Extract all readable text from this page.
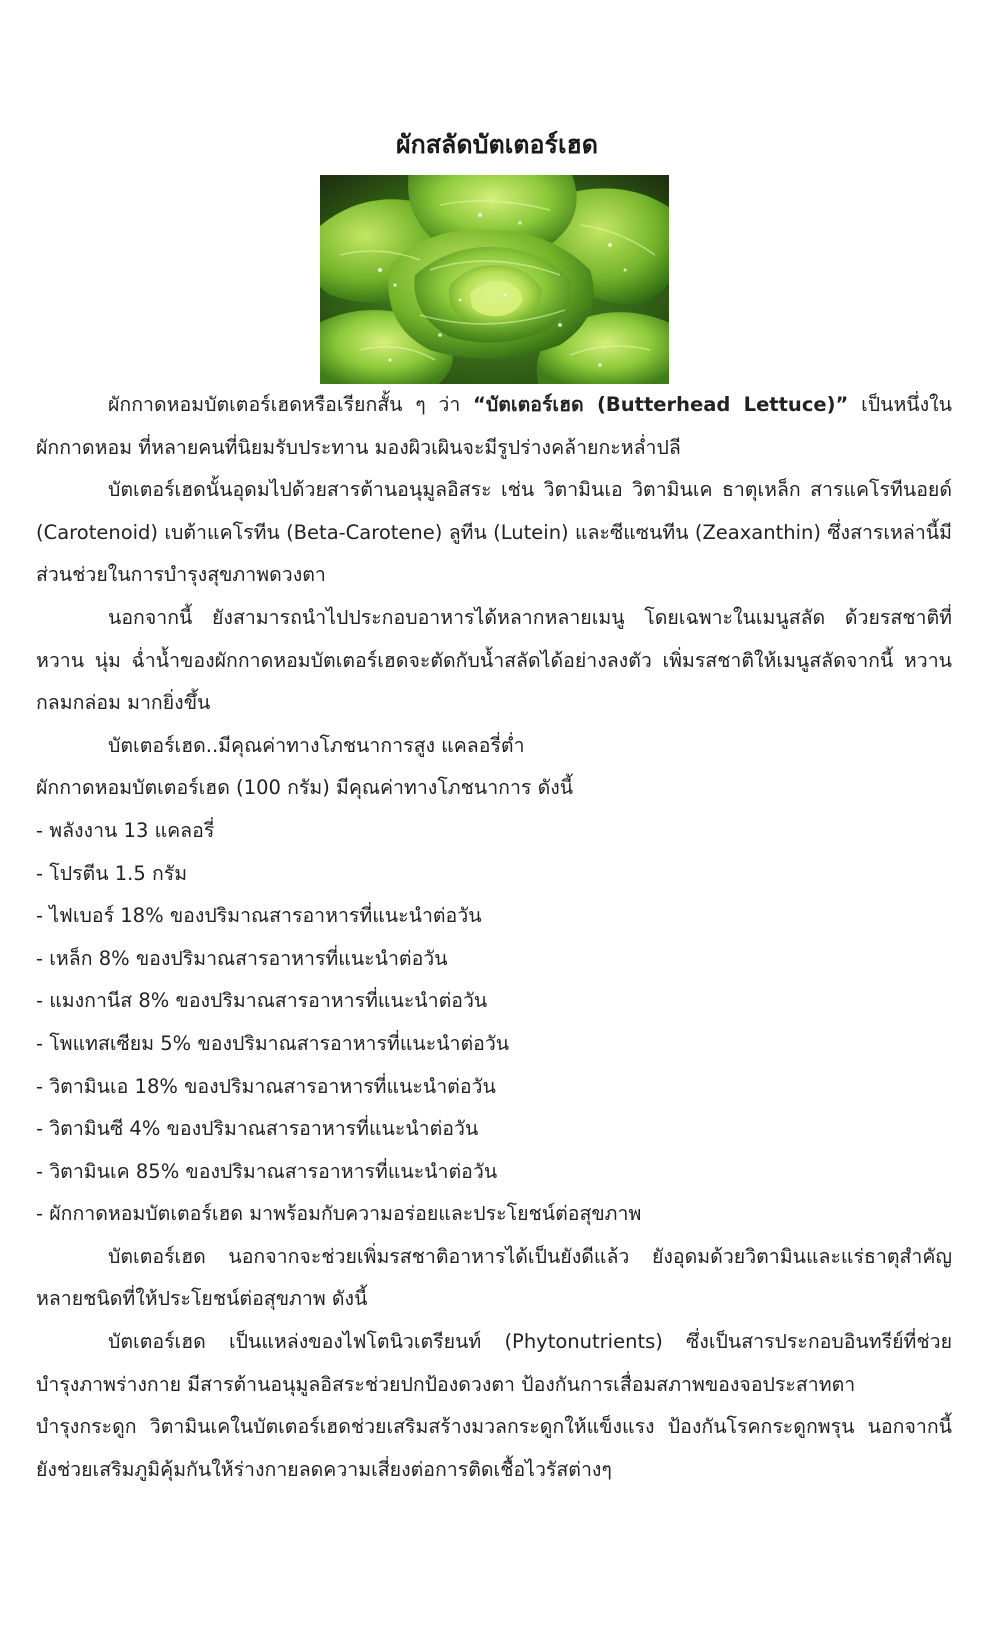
ผักสลัดบัตเตอร์เฮด
ผักกาดหอมบัตเตอร์เฮดหรือเรียกสั้น ๆ ว่า “บัตเตอร์เฮด (Butterhead Lettuce)” เป็นหนึ่งใน
ผักกาดหอม ที่หลายคนที่นิยมรับประทาน มองผิวเผินจะมีรูปร่างคล้ายกะหล่ำปลี
บัตเตอร์เฮดนั้นอุดมไปด้วยสารต้านอนุมูลอิสระ เช่น วิตามินเอ วิตามินเค ธาตุเหล็ก สารแคโรทีนอยด์
(Carotenoid) เบต้าแคโรทีน (Beta-Carotene) ลูทีน (Lutein) และซีแซนทีน (Zeaxanthin) ซึ่งสารเหล่านี้มี
ส่วนช่วยในการบำรุงสุขภาพดวงตา
นอกจากนี้ ยังสามารถนำไปประกอบอาหารได้หลากหลายเมนู โดยเฉพาะในเมนูสลัด ด้วยรสชาติที่
หวาน นุ่ม ฉ่ำน้ำของผักกาดหอมบัตเตอร์เฮดจะตัดกับน้ำสลัดได้อย่างลงตัว เพิ่มรสชาติให้เมนูสลัดจากนี้ หวาน
กลมกล่อม มากยิ่งขึ้น
บัตเตอร์เฮด..มีคุณค่าทางโภชนาการสูง แคลอรี่ต่ำ
ผักกาดหอมบัตเตอร์เฮด (100 กรัม) มีคุณค่าทางโภชนาการ ดังนี้
- พลังงาน 13 แคลอรี่
- โปรตีน 1.5 กรัม
- ไฟเบอร์ 18% ของปริมาณสารอาหารที่แนะนำต่อวัน
- เหล็ก 8% ของปริมาณสารอาหารที่แนะนำต่อวัน
- แมงกานีส 8% ของปริมาณสารอาหารที่แนะนำต่อวัน
- โพแทสเซียม 5% ของปริมาณสารอาหารที่แนะนำต่อวัน
- วิตามินเอ 18% ของปริมาณสารอาหารที่แนะนำต่อวัน
- วิตามินซี 4% ของปริมาณสารอาหารที่แนะนำต่อวัน
- วิตามินเค 85% ของปริมาณสารอาหารที่แนะนำต่อวัน
- ผักกาดหอมบัตเตอร์เฮด มาพร้อมกับความอร่อยและประโยชน์ต่อสุขภาพ
บัตเตอร์เฮด นอกจากจะช่วยเพิ่มรสชาติอาหารได้เป็นยังดีแล้ว ยังอุดมด้วยวิตามินและแร่ธาตุสำคัญ
หลายชนิดที่ให้ประโยชน์ต่อสุขภาพ ดังนี้
บัตเตอร์เฮด เป็นแหล่งของไฟโตนิวเตรียนท์ (Phytonutrients) ซึ่งเป็นสารประกอบอินทรีย์ที่ช่วย
บำรุงภาพร่างกาย มีสารต้านอนุมูลอิสระช่วยปกป้องดวงตา ป้องกันการเสื่อมสภาพของจอประสาทตา
บำรุงกระดูก วิตามินเคในบัตเตอร์เฮดช่วยเสริมสร้างมวลกระดูกให้แข็งแรง ป้องกันโรคกระดูกพรุน นอกจากนี้
ยังช่วยเสริมภูมิคุ้มกันให้ร่างกายลดความเสี่ยงต่อการติดเชื้อไวรัสต่างๆ
